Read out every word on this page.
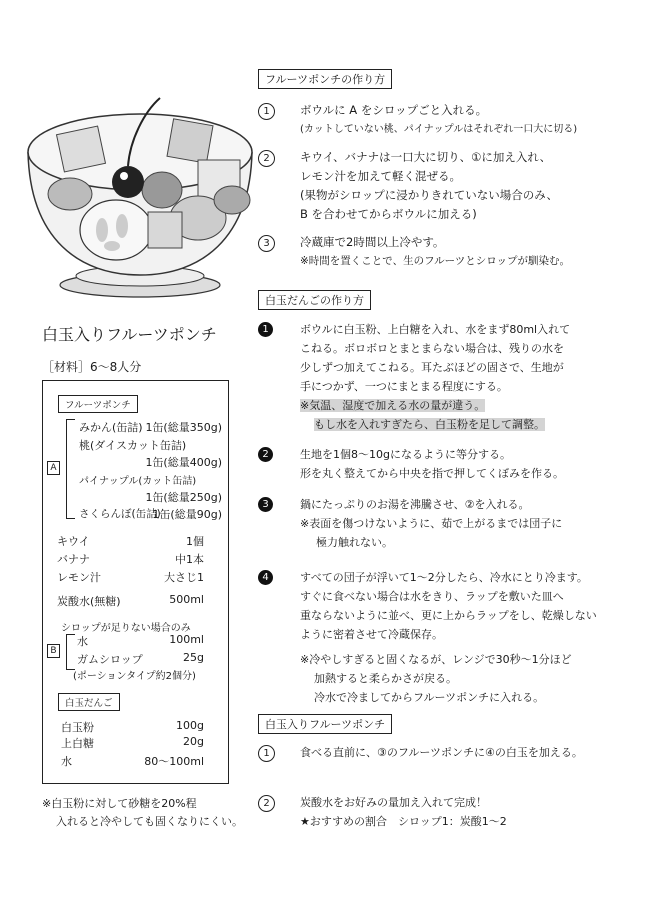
フルーツポンチの作り方
1	ボウルに A をシロップごと入れる。
(カットしていない桃、パイナップルはそれぞれ一口大に切る)
2	キウイ、バナナは一口大に切り、①に加え入れ、
レモン汁を加えて軽く混ぜる。
(果物がシロップに浸かりきれていない場合のみ、
B を合わせてからボウルに加える)
3	冷蔵庫で2時間以上冷やす。
※時間を置くことで、生のフルーツとシロップが馴染む。
白玉だんごの作り方
1	ボウルに白玉粉、上白糖を入れ、水をまず80ml入れて
こねる。ボロボロとまとまらない場合は、残りの水を
少しずつ加えてこねる。耳たぶほどの固さで、生地が
手につかず、一つにまとまる程度にする。
※気温、湿度で加える水の量が違う。
もし水を入れすぎたら、白玉粉を足して調整。
2	生地を1個8～10gになるように等分する。
形を丸く整えてから中央を指で押してくぼみを作る。
3	鍋にたっぷりのお湯を沸騰させ、②を入れる。
※表面を傷つけないように、茹で上がるまでは団子に
極力触れない。
4	すべての団子が浮いて1～2分したら、冷水にとり冷ます。
すぐに食べない場合は水をきり、ラップを敷いた皿へ
重ならないように並べ、更に上からラップをし、乾燥しない
ように密着させて冷蔵保存。
※冷やしすぎると固くなるが、レンジで30秒～1分ほど
加熱すると柔らかさが戻る。
冷水で冷ましてからフルーツポンチに入れる。
白玉入りフルーツポンチ
1	食べる直前に、③のフルーツポンチに④の白玉を加える。
2	炭酸水をお好みの量加え入れて完成！
★おすすめの割合　シロップ1：炭酸1～2
白玉入りフルーツポンチ
［材料］6～8人分
フルーツポンチ
A
みかん(缶詰) 1缶(総量350g)
桃(ダイスカット缶詰)
1缶(総量400g)
パイナップル(カット缶詰)
1缶(総量250g)
さくらんぼ(缶詰)
1缶(総量90g)
キウイ	1個
バナナ	中1本
レモン汁	大さじ1
炭酸水(無糖)	500ml
シロップが足りない場合のみ
B
水	100ml
ガムシロップ	25g
(ポーションタイプ約2個分)
白玉だんご
白玉粉	100g
上白糖	20g
水	80～100ml
※白玉粉に対して砂糖を20%程
入れると冷やしても固くなりにくい。
